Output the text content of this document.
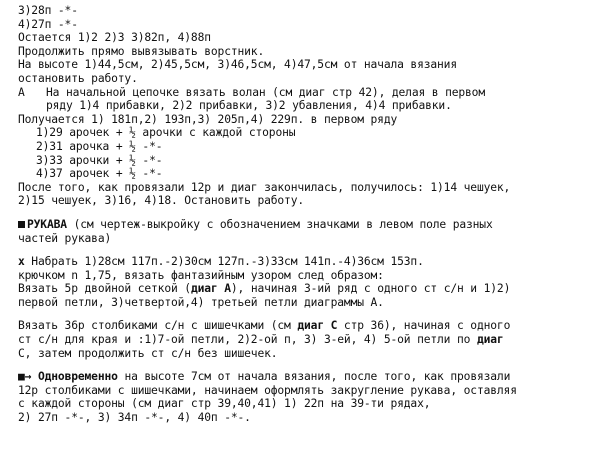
3)28п -*-
4)27п -*-
Остается 1)2 2)3 3)82п, 4)88п
Продолжить прямо вывязывать ворстник.
На высоте 1)44,5см, 2)45,5см, 3)46,5см, 4)47,5см от начала вязания
остановить работу.
А На начальной цепочке вязать волан (см диаг стр 42), делая в первом
ряду 1)4 прибавки, 2)2 прибавки, 3)2 убавления, 4)4 прибавки.
Получается 1) 181п,2) 193п,3) 205п,4) 229п. в первом ряду
1)29 арочек + ½ арочки с каждой стороны
2)31 арочка + ½ -*-
3)33 арочки + ½ -*-
4)37 арочек + ½ -*-
После того, как провязали 12р и диаг закончилась, получилось: 1)14 чешуек,
2)15 чешуек, 3)16, 4)18. Остановить работу.
РУКАВА (см чертеж-выкройку с обозначением значками в левом поле разных
частей рукава)
x Набрать 1)28см 117п.-2)30см 127п.-3)33см 141п.-4)36см 153п.
крючком n 1,75, вязать фантазийным узором след образом:
Вязать 5р двойной сеткой (диаг А), начиная 3-ий ряд с одного ст с/н и 1)2)
первой петли, 3)четвертой,4) третьей петли диаграммы А.
Вязать 36р столбиками с/н с шишечками (см диаг С стр 36), начиная с одного
ст с/н для края и :1)7-ой петли, 2)2-ой п, 3) 3-ей, 4) 5-ой петли по диаг
С, затем продолжить ст с/н без шишечек.
■→ Одновременно на высоте 7см от начала вязания, после того, как провязали
12р столбиками с шишечками, начинаем оформлять закругление рукава, оставляя
с каждой стороны (см диаг стр 39,40,41) 1) 22п на 39-ти рядах,
2) 27п -*-, 3) 34п -*-, 4) 40п -*-.
